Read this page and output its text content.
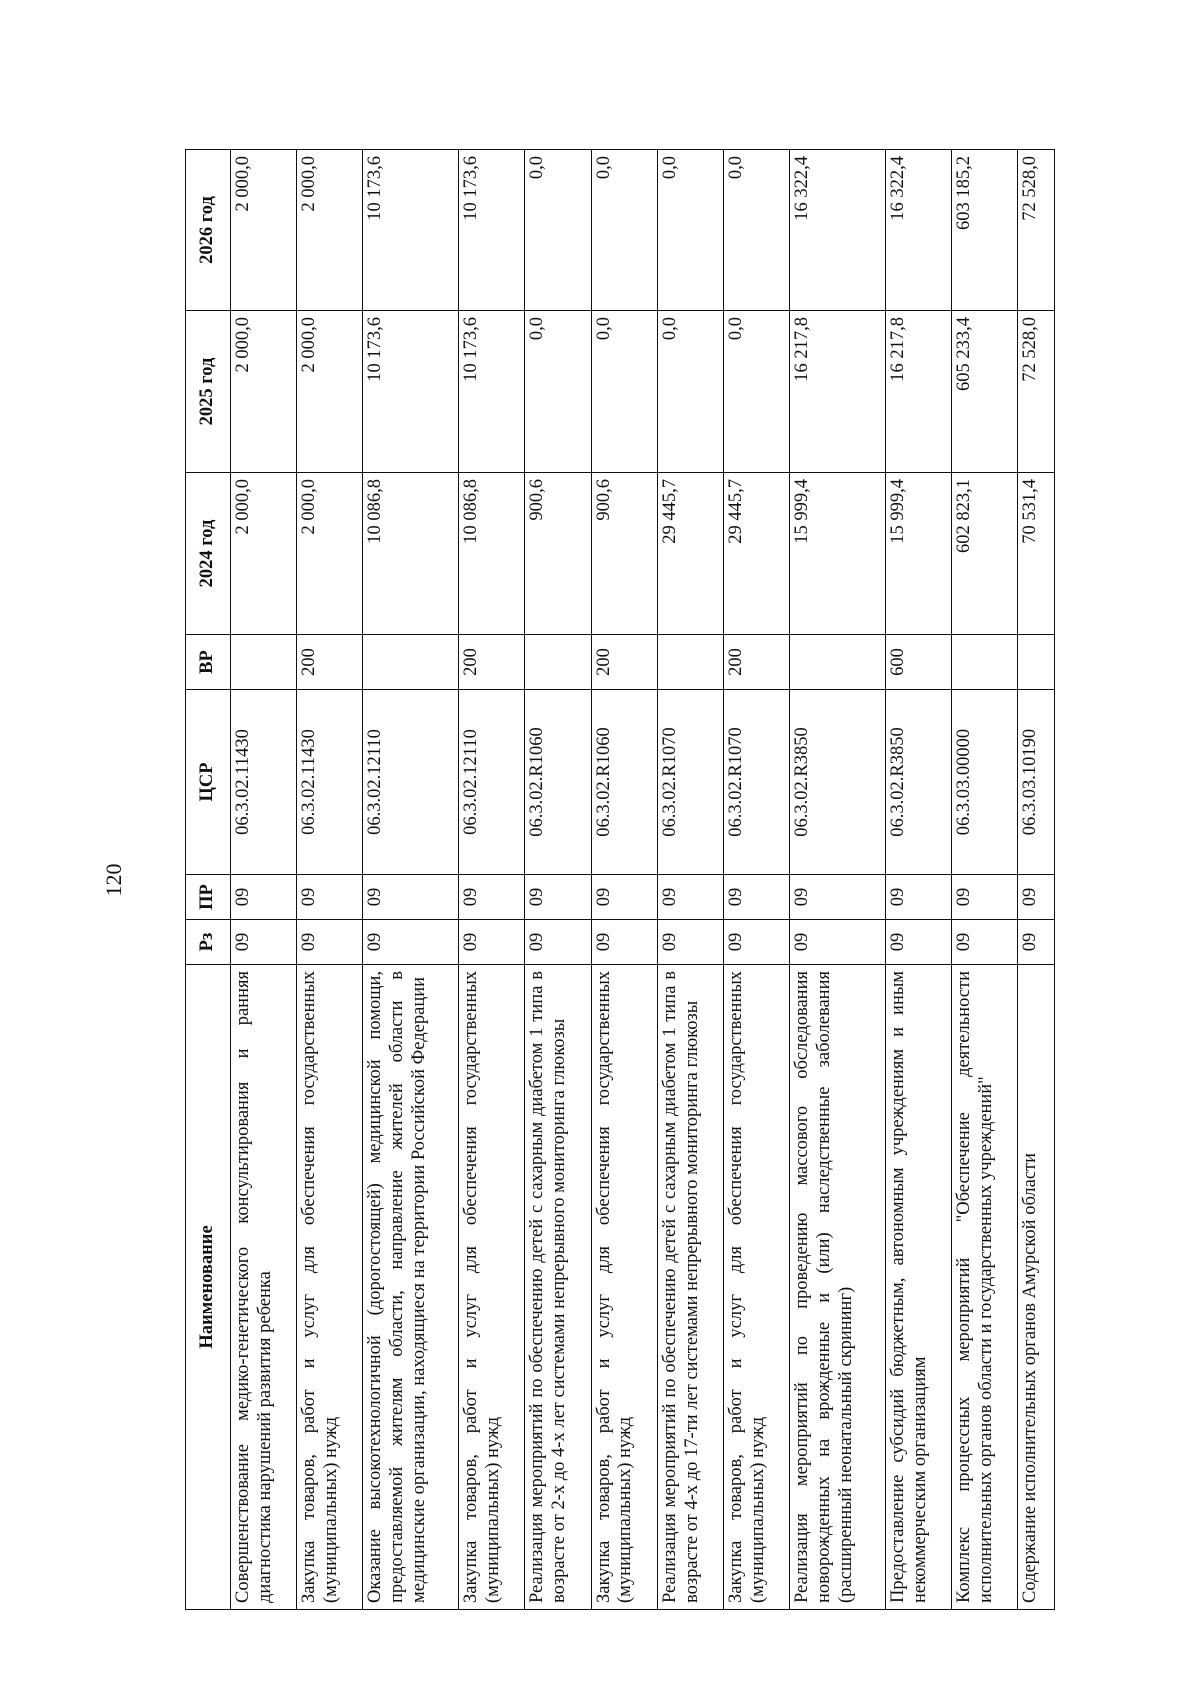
120
Наименование	Рз	ПР	ЦСР	ВР	2024 год	2025 год	2026 год
Совершенствование медико-генетического консультирования и ранняя диагностика нарушений развития ребенка	09	09	06.3.02.11430		2 000,0	2 000,0	2 000,0
Закупка товаров, работ и услуг для обеспечения государственных (муниципальных) нужд	09	09	06.3.02.11430	200	2 000,0	2 000,0	2 000,0
Оказание высокотехнологичной (дорогостоящей) медицинской помощи, предоставляемой жителям области, направление жителей области в медицинские организации, находящиеся на территории Российской Федерации	09	09	06.3.02.12110		10 086,8	10 173,6	10 173,6
Закупка товаров, работ и услуг для обеспечения государственных (муниципальных) нужд	09	09	06.3.02.12110	200	10 086,8	10 173,6	10 173,6
Реализация мероприятий по обеспечению детей с сахарным диабетом 1 типа в возрасте от 2-х до 4-х лет системами непрерывного мониторинга глюкозы	09	09	06.3.02.R1060		900,6	0,0	0,0
Закупка товаров, работ и услуг для обеспечения государственных (муниципальных) нужд	09	09	06.3.02.R1060	200	900,6	0,0	0,0
Реализация мероприятий по обеспечению детей с сахарным диабетом 1 типа в возрасте от 4-х до 17-ти лет системами непрерывного мониторинга глюкозы	09	09	06.3.02.R1070		29 445,7	0,0	0,0
Закупка товаров, работ и услуг для обеспечения государственных (муниципальных) нужд	09	09	06.3.02.R1070	200	29 445,7	0,0	0,0
Реализация мероприятий по проведению массового обследования новорожденных на врожденные и (или) наследственные заболевания (расширенный неонатальный скрининг)	09	09	06.3.02.R3850		15 999,4	16 217,8	16 322,4
Предоставление субсидий бюджетным, автономным учреждениям и иным некоммерческим организациям	09	09	06.3.02.R3850	600	15 999,4	16 217,8	16 322,4
Комплекс процессных мероприятий "Обеспечение деятельности исполнительных органов области и государственных учреждений"	09	09	06.3.03.00000		602 823,1	605 233,4	603 185,2
Содержание исполнительных органов Амурской области	09	09	06.3.03.10190		70 531,4	72 528,0	72 528,0
